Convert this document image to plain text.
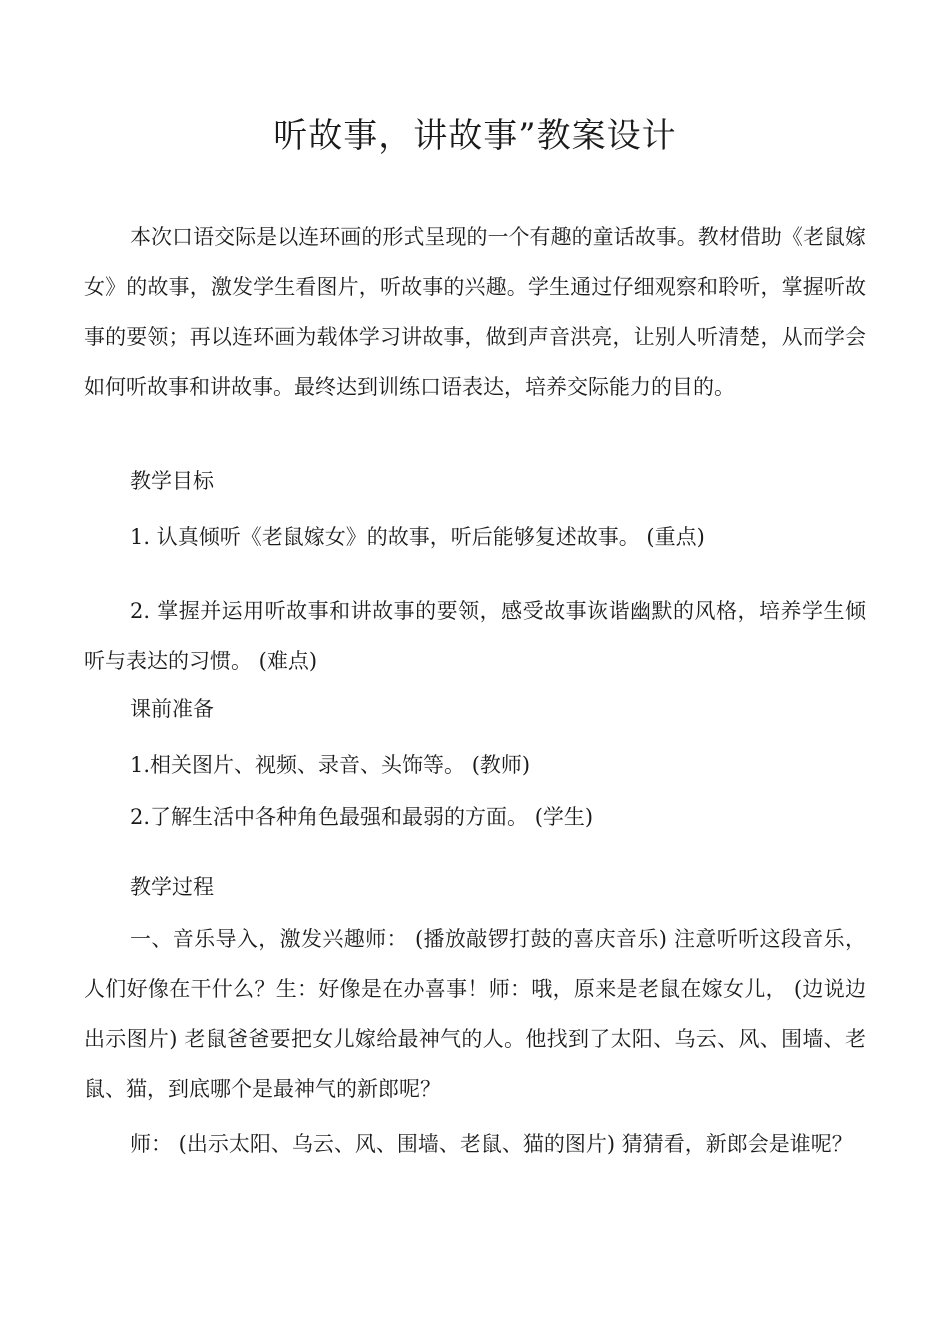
听故事，讲故事”教案设计

本次口语交际是以连环画的形式呈现的一个有趣的童话故事。教材借助《老鼠嫁女》的故事，激发学生看图片，听故事的兴趣。学生通过仔细观察和聆听，掌握听故事的要领；再以连环画为载体学习讲故事，做到声音洪亮，让别人听清楚，从而学会如何听故事和讲故事。最终达到训练口语表达，培养交际能力的目的。

教学目标

1. 认真倾听《老鼠嫁女》的故事，听后能够复述故事。 (重点)

2. 掌握并运用听故事和讲故事的要领，感受故事诙谐幽默的风格，培养学生倾听与表达的习惯。 (难点)

课前准备

1.相关图片、视频、录音、头饰等。 (教师)

2.了解生活中各种角色最强和最弱的方面。 (学生)

教学过程

一、音乐导入，激发兴趣师： (播放敲锣打鼓的喜庆音乐) 注意听听这段音乐，人们好像在干什么？生：好像是在办喜事！师：哦，原来是老鼠在嫁女儿， (边说边出示图片) 老鼠爸爸要把女儿嫁给最神气的人。他找到了太阳、乌云、风、围墙、老鼠、猫，到底哪个是最神气的新郎呢？

师： (出示太阳、乌云、风、围墙、老鼠、猫的图片) 猜猜看，新郎会是谁呢？
